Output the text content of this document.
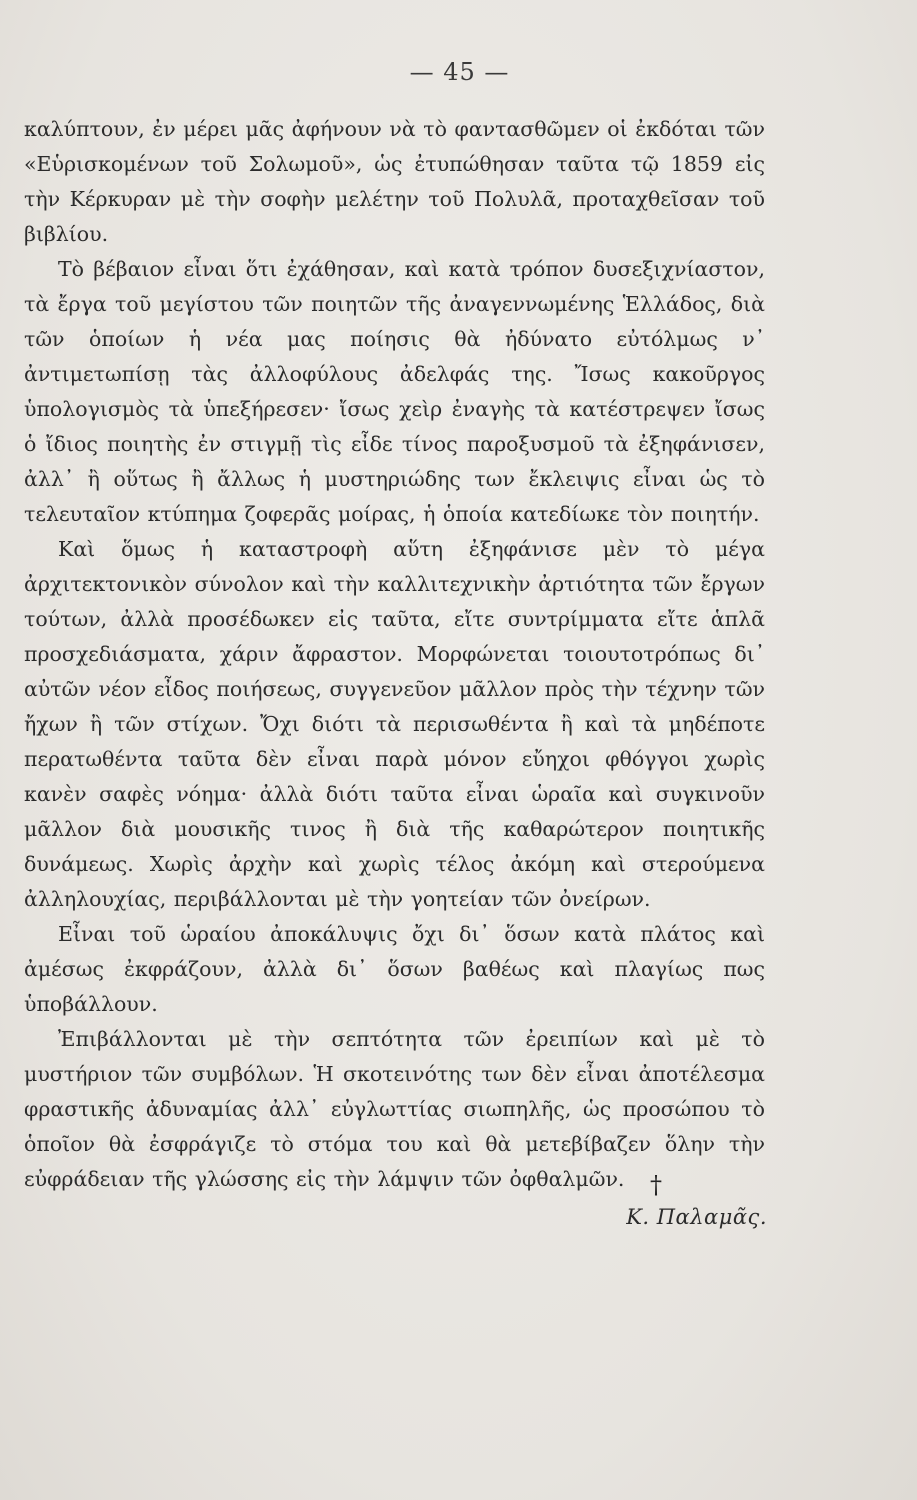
— 45 —

καλύπτουν, ἐν μέρει μᾶς ἀφήνουν νὰ τὸ φαντασθῶμεν οἱ ἐκδόται τῶν «Εὑρισκομένων τοῦ Σολωμοῦ», ὡς ἐτυπώθησαν ταῦτα τῷ 1859 εἰς τὴν Κέρκυραν μὲ τὴν σοφὴν μελέτην τοῦ Πολυλᾶ, προταχθεῖσαν τοῦ βιβλίου.

Τὸ βέβαιον εἶναι ὅτι ἐχάθησαν, καὶ κατὰ τρόπον δυσεξιχνίαστον, τὰ ἔργα τοῦ μεγίστου τῶν ποιητῶν τῆς ἀναγεννωμένης Ἑλλάδος, διὰ τῶν ὁποίων ἡ νέα μας ποίησις θὰ ἠδύνατο εὐτόλμως ν᾽ ἀντιμετωπίσῃ τὰς ἀλλοφύλους ἀδελφάς της. Ἴσως κακοῦργος ὑπολογισμὸς τὰ ὑπεξήρεσεν· ἴσως χεὶρ ἐναγὴς τὰ κατέστρεψεν ἴσως ὁ ἴδιος ποιητὴς ἐν στιγμῇ τὶς εἶδε τίνος παροξυσμοῦ τὰ ἐξηφάνισεν, ἀλλ᾽ ἢ οὕτως ἢ ἄλλως ἡ μυστηριώδης των ἔκλειψις εἶναι ὡς τὸ τελευταῖον κτύπημα ζοφερᾶς μοίρας, ἡ ὁποία κατεδίωκε τὸν ποιητήν.

Καὶ ὅμως ἡ καταστροφὴ αὕτη ἐξηφάνισε μὲν τὸ μέγα ἀρχιτεκτονικὸν σύνολον καὶ τὴν καλλιτεχνικὴν ἀρτιότητα τῶν ἔργων τούτων, ἀλλὰ προσέδωκεν εἰς ταῦτα, εἴτε συντρίμματα εἴτε ἁπλᾶ προσχεδιάσματα, χάριν ἄφραστον. Μορφώνεται τοιουτοτρόπως δι᾽ αὐτῶν νέον εἶδος ποιήσεως, συγγενεῦον μᾶλλον πρὸς τὴν τέχνην τῶν ἤχων ἢ τῶν στίχων. Ὄχι διότι τὰ περισωθέντα ἢ καὶ τὰ μηδέποτε περατωθέντα ταῦτα δὲν εἶναι παρὰ μόνον εὔηχοι φθόγγοι χωρὶς κανὲν σαφὲς νόημα· ἀλλὰ διότι ταῦτα εἶναι ὡραῖα καὶ συγκινοῦν μᾶλλον διὰ μουσικῆς τινος ἢ διὰ τῆς καθαρώτερον ποιητικῆς δυνάμεως. Χωρὶς ἀρχὴν καὶ χωρὶς τέλος ἀκόμη καὶ στερούμενα ἀλληλουχίας, περιβάλλονται μὲ τὴν γοητείαν τῶν ὀνείρων.

Εἶναι τοῦ ὡραίου ἀποκάλυψις ὄχι δι᾽ ὅσων κατὰ πλάτος καὶ ἀμέσως ἐκφράζουν, ἀλλὰ δι᾽ ὅσων βαθέως καὶ πλαγίως πως ὑποβάλλουν.

Ἐπιβάλλονται μὲ τὴν σεπτότητα τῶν ἐρειπίων καὶ μὲ τὸ μυστήριον τῶν συμβόλων. Ἡ σκοτεινότης των δὲν εἶναι ἀποτέλεσμα φραστικῆς ἀδυναμίας ἀλλ᾽ εὐγλωττίας σιωπηλῆς, ὡς προσώπου τὸ ὁποῖον θὰ ἐσφράγιζε τὸ στόμα του καὶ θὰ μετεβίβαζεν ὅλην τὴν εὐφράδειαν τῆς γλώσσης εἰς τὴν λάμψιν τῶν ὀφθαλμῶν.	†
Κ. Παλαμᾶς.
